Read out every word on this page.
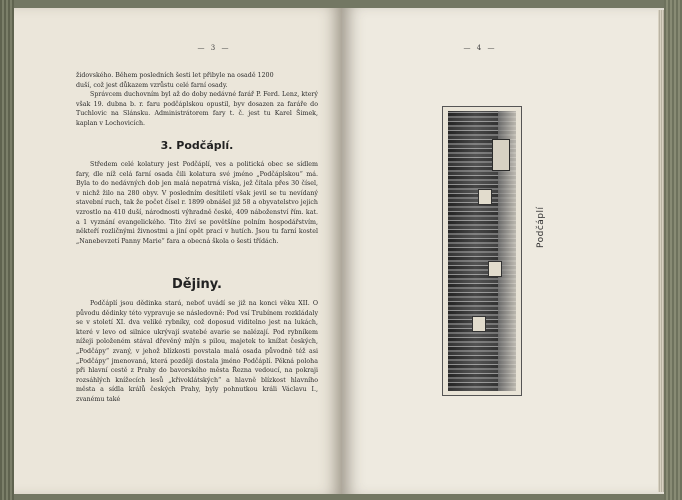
— 3 —	— 4 —

židovského. Během posledních šesti let přibyle na osadě 1200

duší, což jest důkazem vzrůstu celé farní osady.

Správcem duchovním byl až do doby nedávné farář P. Ferd. Lenz, který však 19. dubna b. r. faru podčáplskou opustil, byv dosazen za faráře do Tuchlovic na Slánsku. Administrátorem fary t. č. jest tu Karel Šimek, kaplan v Lochovicích.

3. Podčáplí.

Středem celé kolatury jest Podčáplí, ves a politická obec se sídlem fary, dle níž celá farní osada čili kolatura své jméno „Podčáplskou“ má. Byla to do nedávných dob jen malá nepatrná víska, jež čítala přes 30 čísel, v nichž žilo na 280 obyv. V posledním desítiletí však jevil se tu nevídaný stavební ruch, tak že počet čísel r. 1899 obnášel již 58 a obyvatelstvo jejich vzrostlo na 410 duší, národnosti výhradně české, 409 náboženství řím. kat. a 1 vyznání evangelického. Tito živí se povětšíne polním hospodářstvím, někteří rozličnými živnostmi a jiní opět prací v hutích. Jsou tu farní kostel „Nanebevzetí Panny Marie“ fara a obecná škola o šesti třídách.

Dějiny.

Podčáplí jsou dědinka stará, neboť uvádí se již na konci věku XII. O původu dědinky této vypravuje se následovně: Pod vsí Trubínem rozkládaly se v století XI. dva veliké rybníky, což doposud viditelno jest na lukách, které v levo od silnice ukrývají svatebé avarie se nalézají. Pod rybníkem nížeji položeném stával dřevěný mlýn s pilou, majetek to knížat českých, „Podčápy“ zvaný, v jehož blízkosti povstala malá osada původně též asi „Podčápy“ jmenovaná, která později dostala jméno Podčáplí. Pěkná poloha při hlavní cestě z Prahy do bavorského města Řezna vedoucí, na pokraji rozsáhlých knížecích lesů „křivoklátských“ a hlavně blízkost hlavního města a sídla králů českých Prahy, byly pohnutkou králi Václavu I., zvanému také

Podčáplí
